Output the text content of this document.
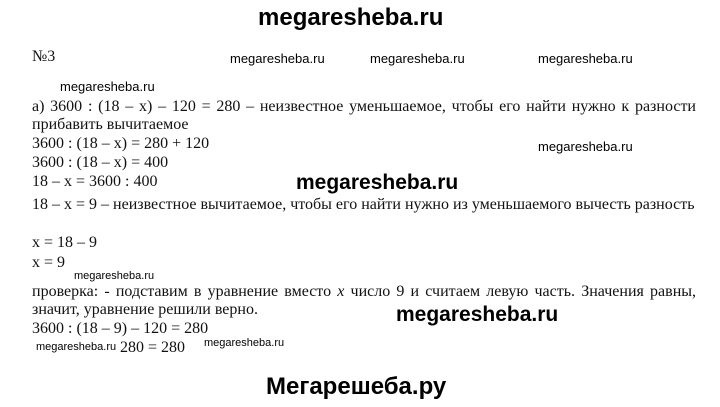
megaresheba.ru
№3	megaresheba.ru	megaresheba.ru	megaresheba.ru
megaresheba.ru
а) 3600 : (18 – х) – 120 = 280 – неизвестное уменьшаемое, чтобы его найти нужно к разности прибавить вычитаемое
3600 : (18 – х) = 280 + 120	megaresheba.ru
3600 : (18 – х) = 400
18 – х = 3600 : 400	megaresheba.ru
18 – х = 9 – неизвестное вычитаемое, чтобы его найти нужно из уменьшаемого вычесть разность
х = 18 – 9
х = 9
megaresheba.ru
проверка: - подставим в уравнение вместо х число 9 и считаем левую часть. Значения равны, значит, уравнение решили верно.	megaresheba.ru
3600 : (18 – 9) – 120 = 280
megaresheba.ru 280 = 280 megaresheba.ru
Мегарешеба.ру
